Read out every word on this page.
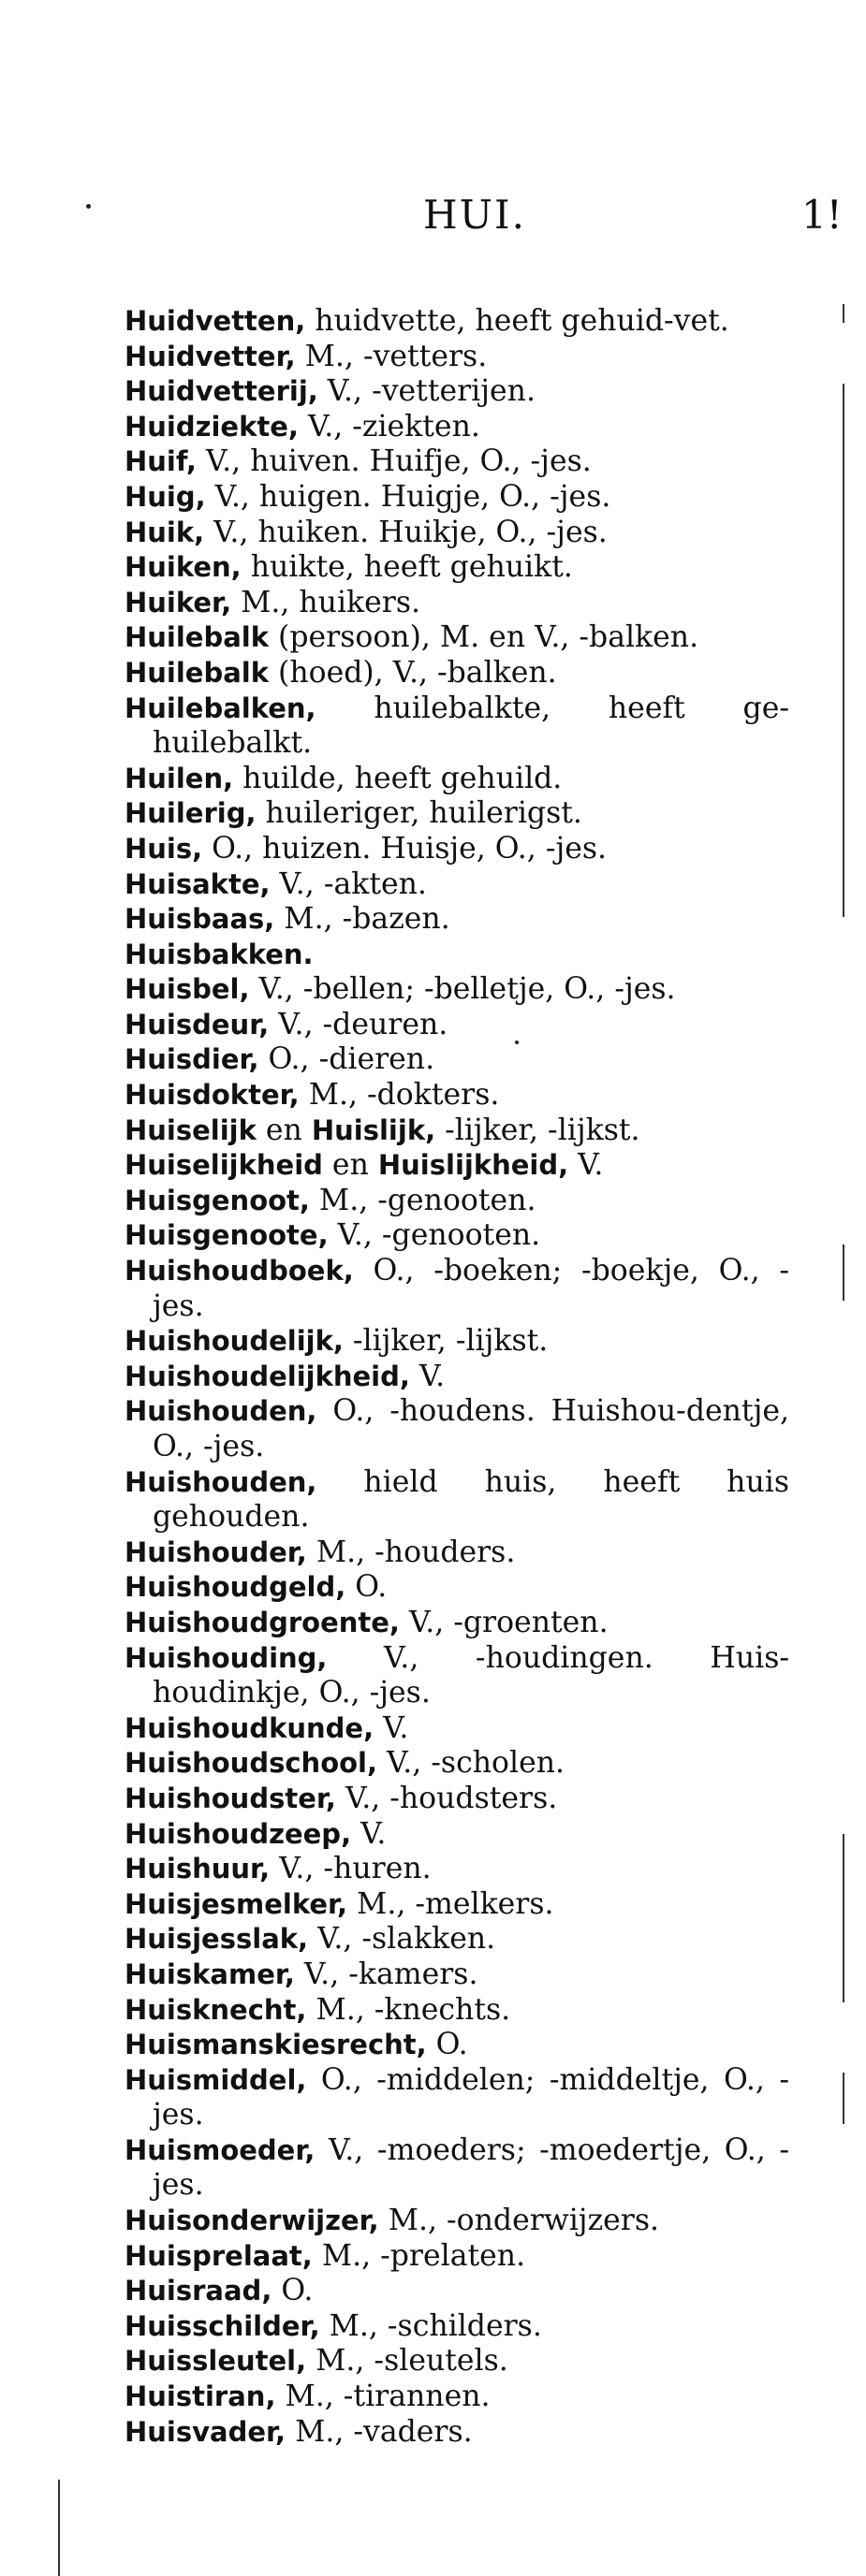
HUI.	1!
Huidvetten, huidvette, heeft gehuid-vet.
Huidvetter, M., -vetters.
Huidvetterij, V., -vetterijen.
Huidziekte, V., -ziekten.
Huif, V., huiven. Huifje, O., -jes.
Huig, V., huigen. Huigje, O., -jes.
Huik, V., huiken. Huikje, O., -jes.
Huiken, huikte, heeft gehuikt.
Huiker, M., huikers.
Huilebalk (persoon), M. en V., -balken.
Huilebalk (hoed), V., -balken.
Huilebalken, huilebalkte, heeft ge-huilebalkt.
Huilen, huilde, heeft gehuild.
Huilerig, huileriger, huilerigst.
Huis, O., huizen. Huisje, O., -jes.
Huisakte, V., -akten.
Huisbaas, M., -bazen.
Huisbakken.
Huisbel, V., -bellen; -belletje, O., -jes.
Huisdeur, V., -deuren.
Huisdier, O., -dieren.
Huisdokter, M., -dokters.
Huiselijk en Huislijk, -lijker, -lijkst.
Huiselijkheid en Huislijkheid, V.
Huisgenoot, M., -genooten.
Huisgenoote, V., -genooten.
Huishoudboek, O., -boeken; -boekje, O., -jes.
Huishoudelijk, -lijker, -lijkst.
Huishoudelijkheid, V.
Huishouden, O., -houdens. Huishou-dentje, O., -jes.
Huishouden, hield huis, heeft huis gehouden.
Huishouder, M., -houders.
Huishoudgeld, O.
Huishoudgroente, V., -groenten.
Huishouding, V., -houdingen. Huis-houdinkje, O., -jes.
Huishoudkunde, V.
Huishoudschool, V., -scholen.
Huishoudster, V., -houdsters.
Huishoudzeep, V.
Huishuur, V., -huren.
Huisjesmelker, M., -melkers.
Huisjesslak, V., -slakken.
Huiskamer, V., -kamers.
Huisknecht, M., -knechts.
Huismanskiesrecht, O.
Huismiddel, O., -middelen; -middeltje, O., -jes.
Huismoeder, V., -moeders; -moedertje, O., -jes.
Huisonderwijzer, M., -onderwijzers.
Huisprelaat, M., -prelaten.
Huisraad, O.
Huisschilder, M., -schilders.
Huissleutel, M., -sleutels.
Huistiran, M., -tirannen.
Huisvader, M., -vaders.
